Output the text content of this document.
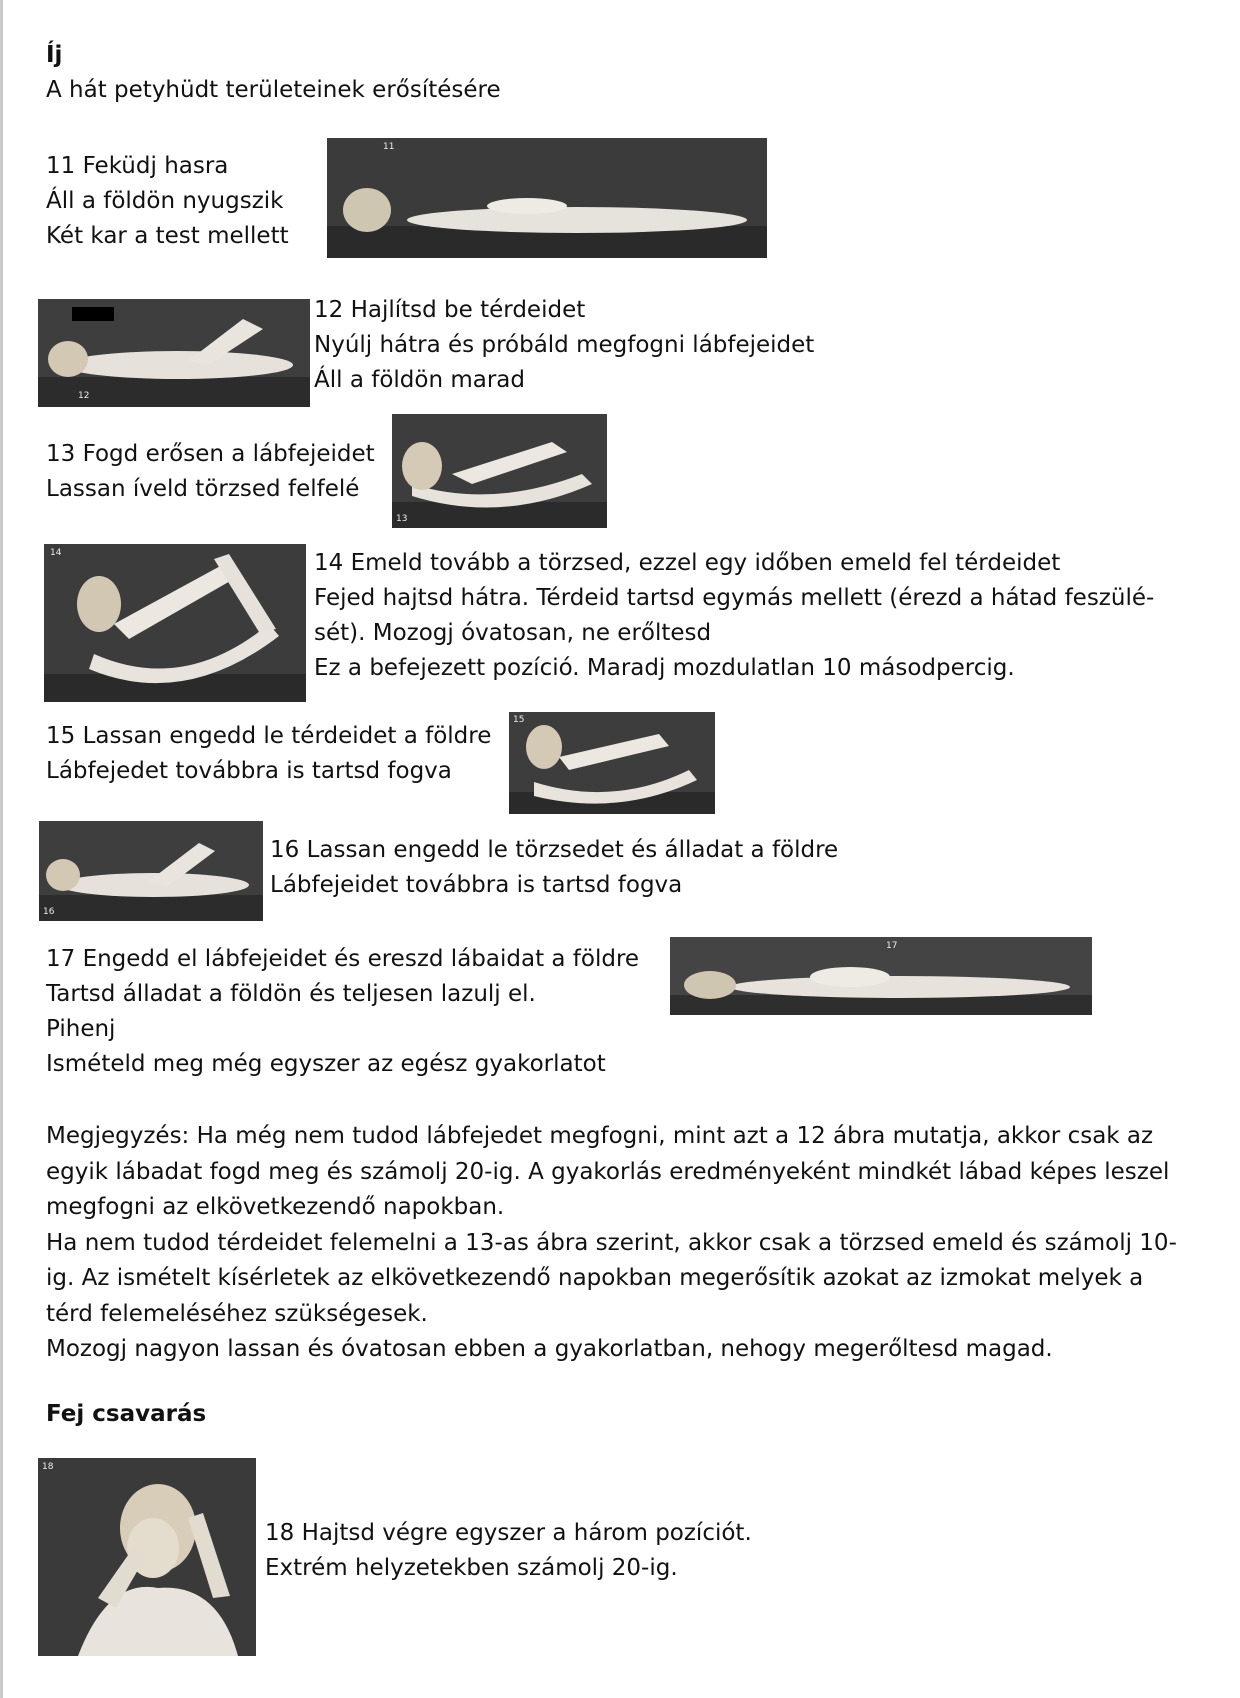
Íj
A hát petyhüdt területeinek erősítésére
11 Feküdj hasra
Áll a földön nyugszik
Két kar a test mellett
11
12
12 Hajlítsd be térdeidet
Nyúlj hátra és próbáld megfogni lábfejeidet
Áll a földön marad
13 Fogd erősen a lábfejeidet
Lassan íveld törzsed felfelé
13
14	14 Emeld tovább a törzsed, ezzel egy időben emeld fel térdeidet
Fejed hajtsd hátra. Térdeid tartsd egymás mellett (érezd a hátad feszülé-
sét). Mozogj óvatosan, ne erőltesd
Ez a befejezett pozíció. Maradj mozdulatlan 10 másodpercig.
15 Lassan engedd le térdeidet a földre
Lábfejedet továbbra is tartsd fogva
15
16
16 Lassan engedd le törzsedet és álladat a földre
Lábfejeidet továbbra is tartsd fogva
17 Engedd el lábfejeidet és ereszd lábaidat a földre
Tartsd álladat a földön és teljesen lazulj el.
Pihenj
Ismételd meg még egyszer az egész gyakorlatot
17
Megjegyzés: Ha még nem tudod lábfejedet megfogni, mint azt a 12 ábra mutatja, akkor csak az
egyik lábadat fogd meg és számolj 20-ig. A gyakorlás eredményeként mindkét lábad képes leszel
megfogni az elkövetkezendő napokban.
Ha nem tudod térdeidet felemelni a 13-as ábra szerint, akkor csak a törzsed emeld és számolj 10-
ig. Az ismételt kísérletek az elkövetkezendő napokban megerősítik azokat az izmokat melyek a
térd felemeléséhez szükségesek.
Mozogj nagyon lassan és óvatosan ebben a gyakorlatban, nehogy megerőltesd magad.
Fej csavarás
18
18 Hajtsd végre egyszer a három pozíciót.
Extrém helyzetekben számolj 20-ig.
